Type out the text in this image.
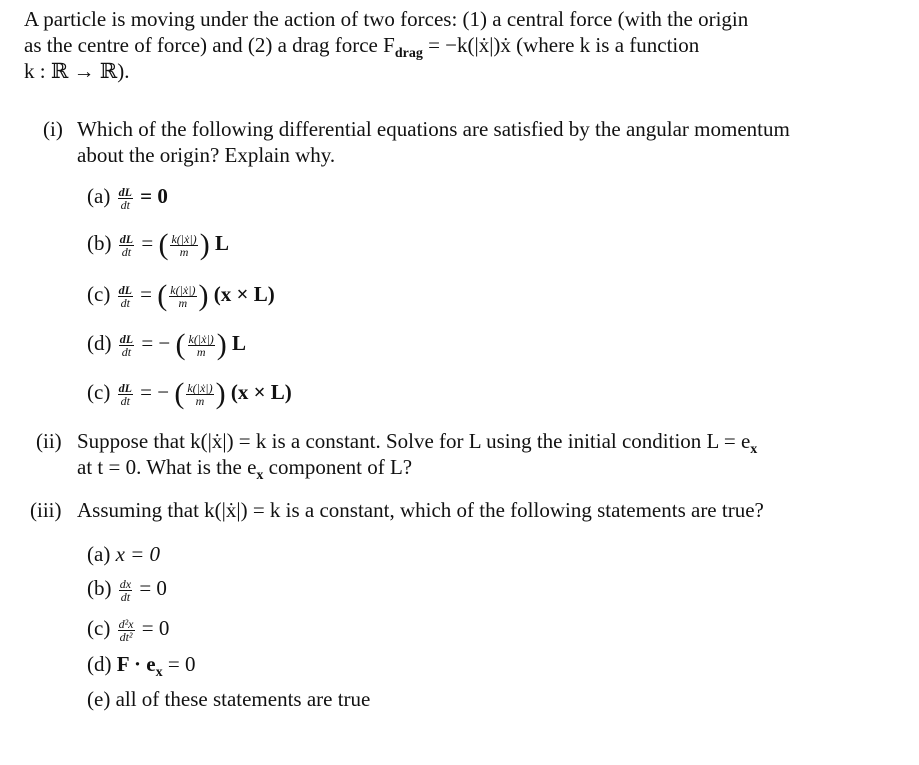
A particle is moving under the action of two forces: (1) a central force (with the origin
as the centre of force) and (2) a drag force $F_{drag}$ = −k(|ẋ|)ẋ (where k is a function
k : ℝ → ℝ).
(i) Which of the following differential equations are satisfied by the angular momentum
about the origin? Explain why.
$(a) \frac{dL}{dt} = 0$
$(b) \frac{dL}{dt}$ = ( $\frac{\text{k(|ẋ|)}}{m}$ ) L
$(c) \frac{dL}{dt}$ = ( $\frac{\text{k(|ẋ|)}}{m}$ ) (x × L)
$(d) \frac{dL}{dt}$ = − ( $\frac{\text{k(|ẋ|)}}{m}$ ) L
$(c) \frac{dL}{dt}$ = − ( $\frac{\text{k(|ẋ|)}}{m}$ ) (x × L)
(ii) Suppose that k(|ẋ|) = k is a constant. Solve for L using the initial condition $L = e_x$
at t = 0. What is the $e_x$ component of L?
(iii) Assuming that k(|ẋ|) = k is a constant, which of the following statements are true?
(a) x = 0
$(b) \frac{dx}{dt} = 0$
$(c) \frac{\text{d²x}}{\text{dt²}} = 0$
(d) $F \cdot e_x = 0$
(e) all of these statements are true
